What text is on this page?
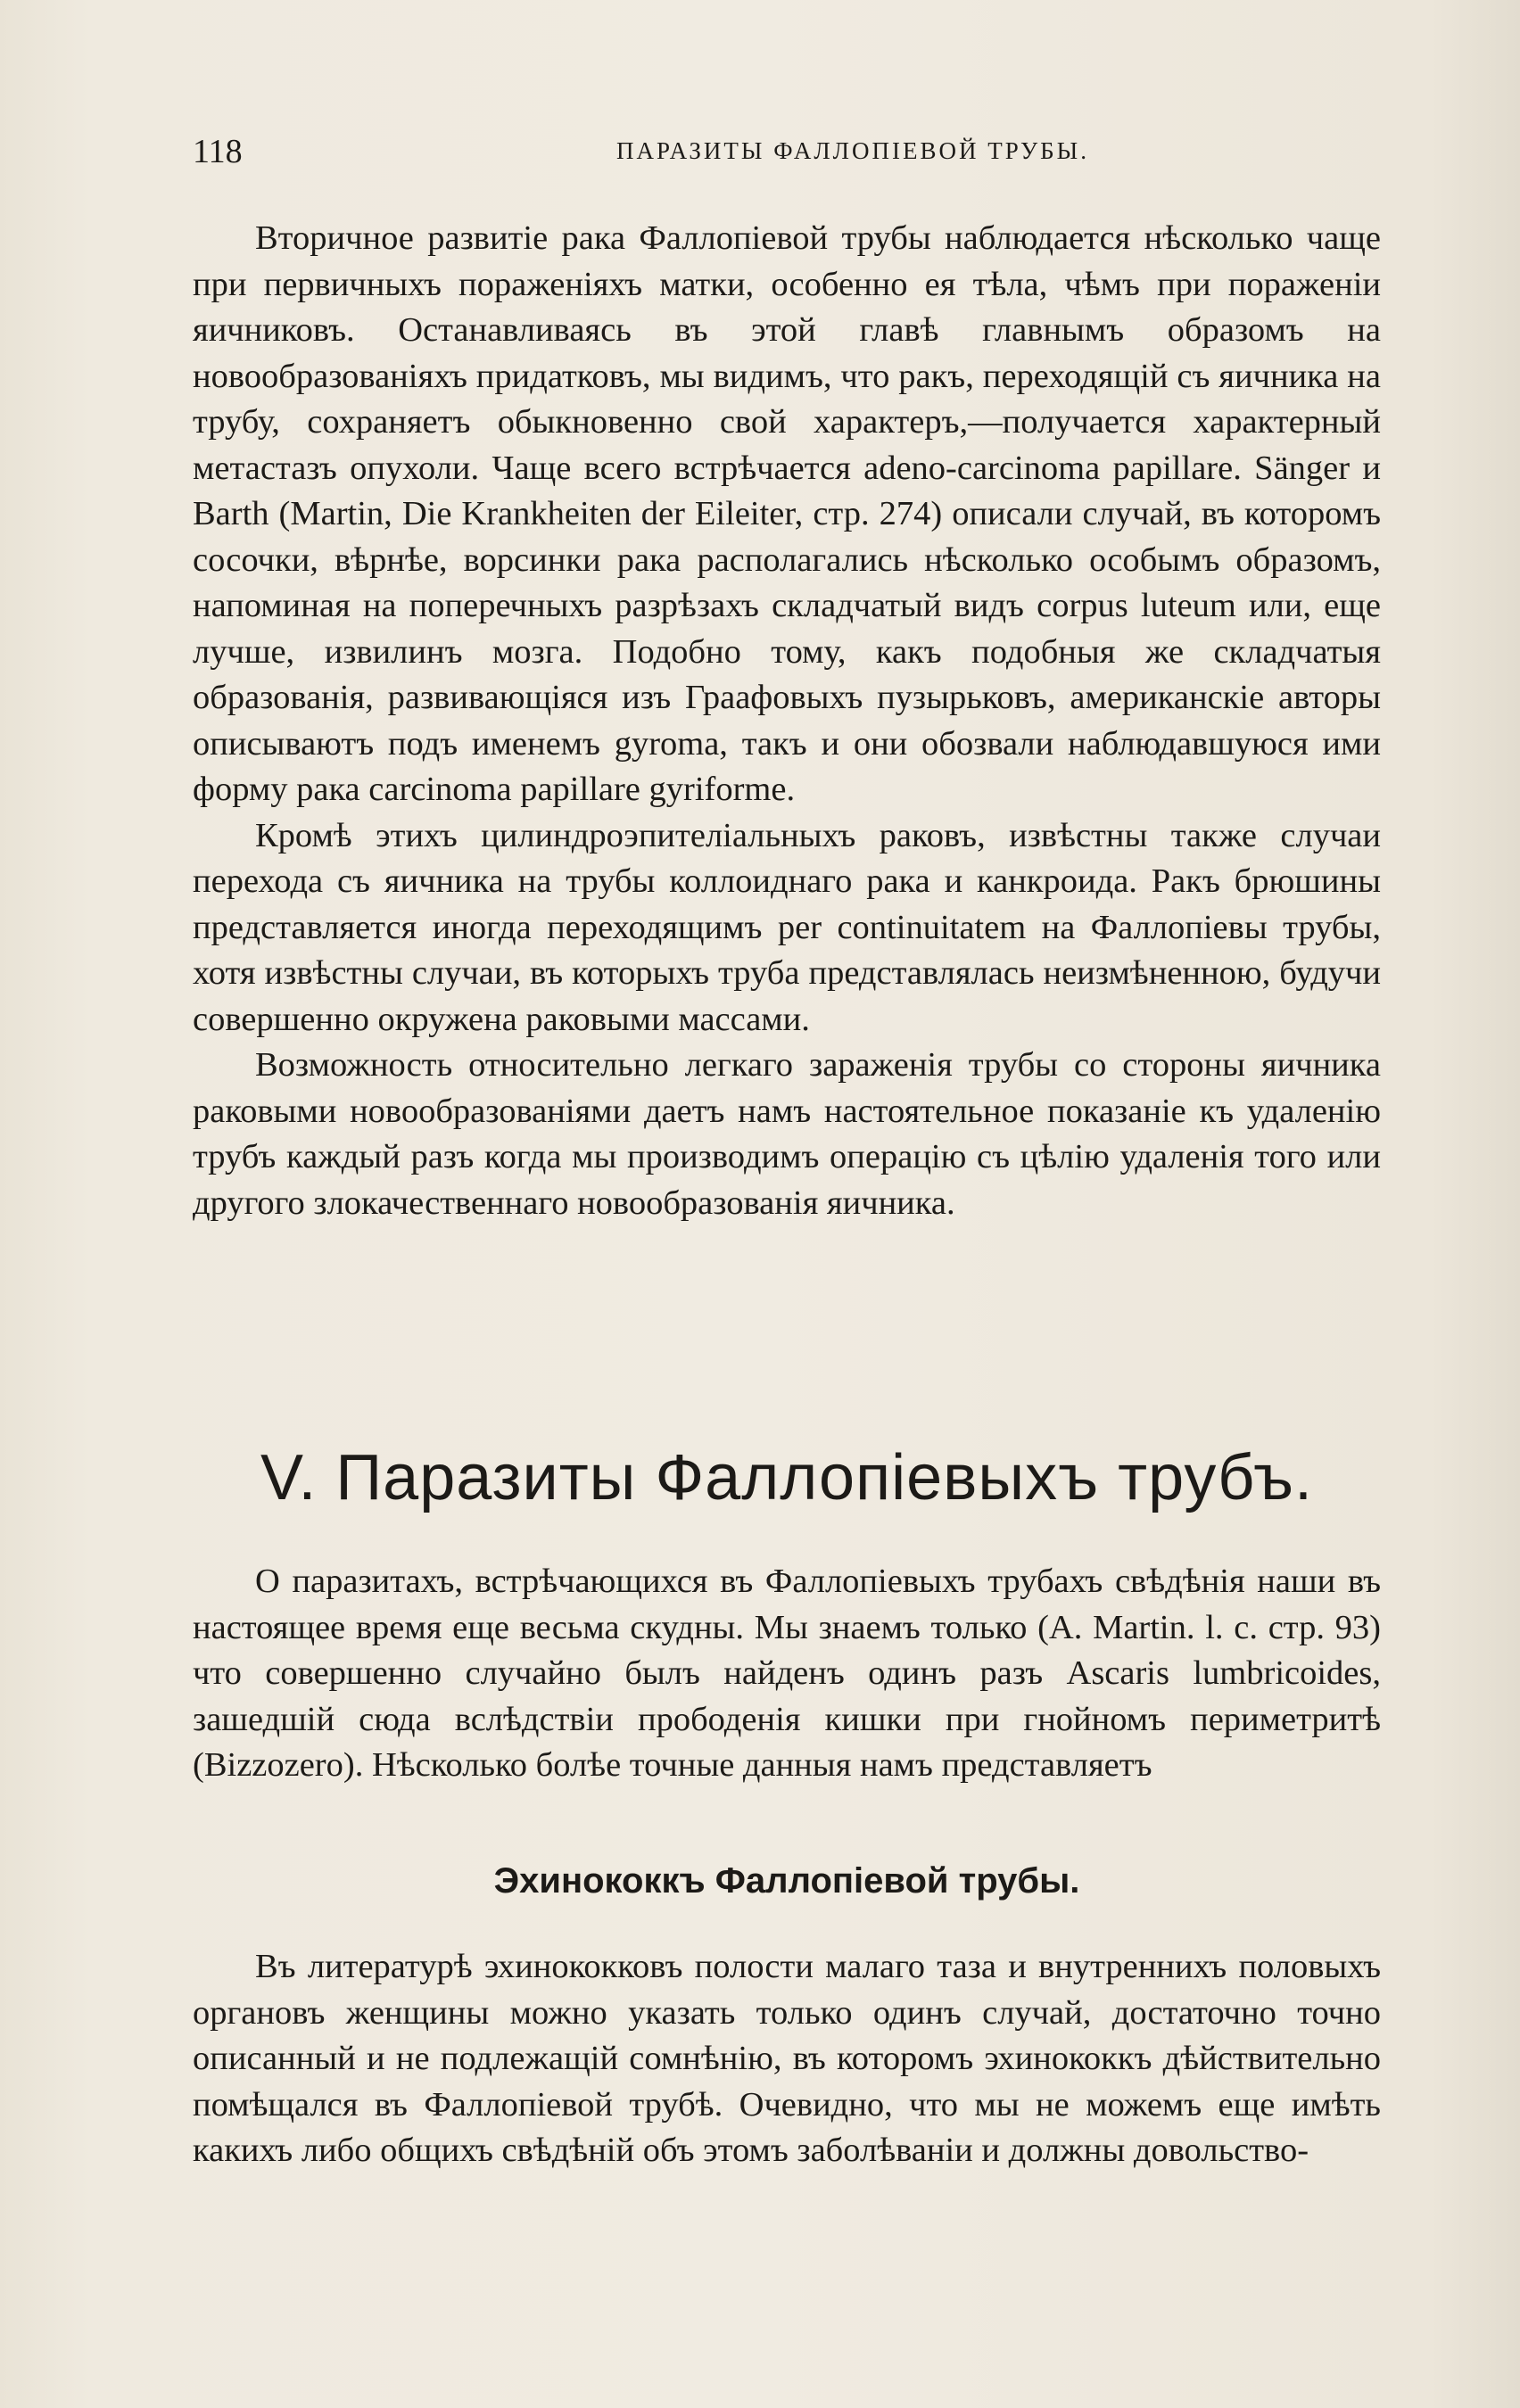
118	ПАРАЗИТЫ ФАЛЛОПІЕВОЙ ТРУБЫ.

Вторичное развитіе рака Фаллопіевой трубы наблюдается нѣсколько чаще при первичныхъ пораженіяхъ матки, особенно ея тѣла, чѣмъ при пораженіи яичниковъ. Останавливаясь въ этой главѣ главнымъ образомъ на новообразованіяхъ придатковъ, мы видимъ, что ракъ, переходящій съ яичника на трубу, сохраняетъ обыкновенно свой характеръ,—получается характерный метастазъ опухоли. Чаще всего встрѣчается adeno-carcinoma papillare. Sänger и Barth (Martin, Die Krankheiten der Eileiter, стр. 274) описали случай, въ которомъ сосочки, вѣрнѣе, ворсинки рака располагались нѣсколько особымъ образомъ, напоминая на поперечныхъ разрѣзахъ складчатый видъ corpus luteum или, еще лучше, извилинъ мозга. Подобно тому, какъ подобныя же складчатыя образованія, развивающіяся изъ Граафовыхъ пузырьковъ, американскіе авторы описываютъ подъ именемъ gyroma, такъ и они обозвали наблюдавшуюся ими форму рака carcinoma papillare gyriforme.

Кромѣ этихъ цилиндроэпителіальныхъ раковъ, извѣстны также случаи перехода съ яичника на трубы коллоиднаго рака и канкроида. Ракъ брюшины представляется иногда переходящимъ per continuitatem на Фаллопіевы трубы, хотя извѣстны случаи, въ которыхъ труба представлялась неизмѣненною, будучи совершенно окружена раковыми массами.

Возможность относительно легкаго зараженія трубы со стороны яичника раковыми новообразованіями даетъ намъ настоятельное показаніе къ удаленію трубъ каждый разъ когда мы производимъ операцію съ цѣлію удаленія того или другого злокачественнаго новообразованія яичника.

V. Паразиты Фаллопіевыхъ трубъ.

О паразитахъ, встрѣчающихся въ Фаллопіевыхъ трубахъ свѣдѣнія наши въ настоящее время еще весьма скудны. Мы знаемъ только (A. Martin. l. c. стр. 93) что совершенно случайно былъ найденъ одинъ разъ Ascaris lumbricoides, зашедшій сюда вслѣдствіи прободенія кишки при гнойномъ периметритѣ (Bizzozero). Нѣсколько болѣе точные данныя намъ представляетъ

Эхинококкъ Фаллопіевой трубы.

Въ литературѣ эхинококковъ полости малаго таза и внутреннихъ половыхъ органовъ женщины можно указать только одинъ случай, достаточно точно описанный и не подлежащій сомнѣнію, въ которомъ эхинококкъ дѣйствительно помѣщался въ Фаллопіевой трубѣ. Очевидно, что мы не можемъ еще имѣть какихъ либо общихъ свѣдѣній объ этомъ заболѣваніи и должны довольство-
